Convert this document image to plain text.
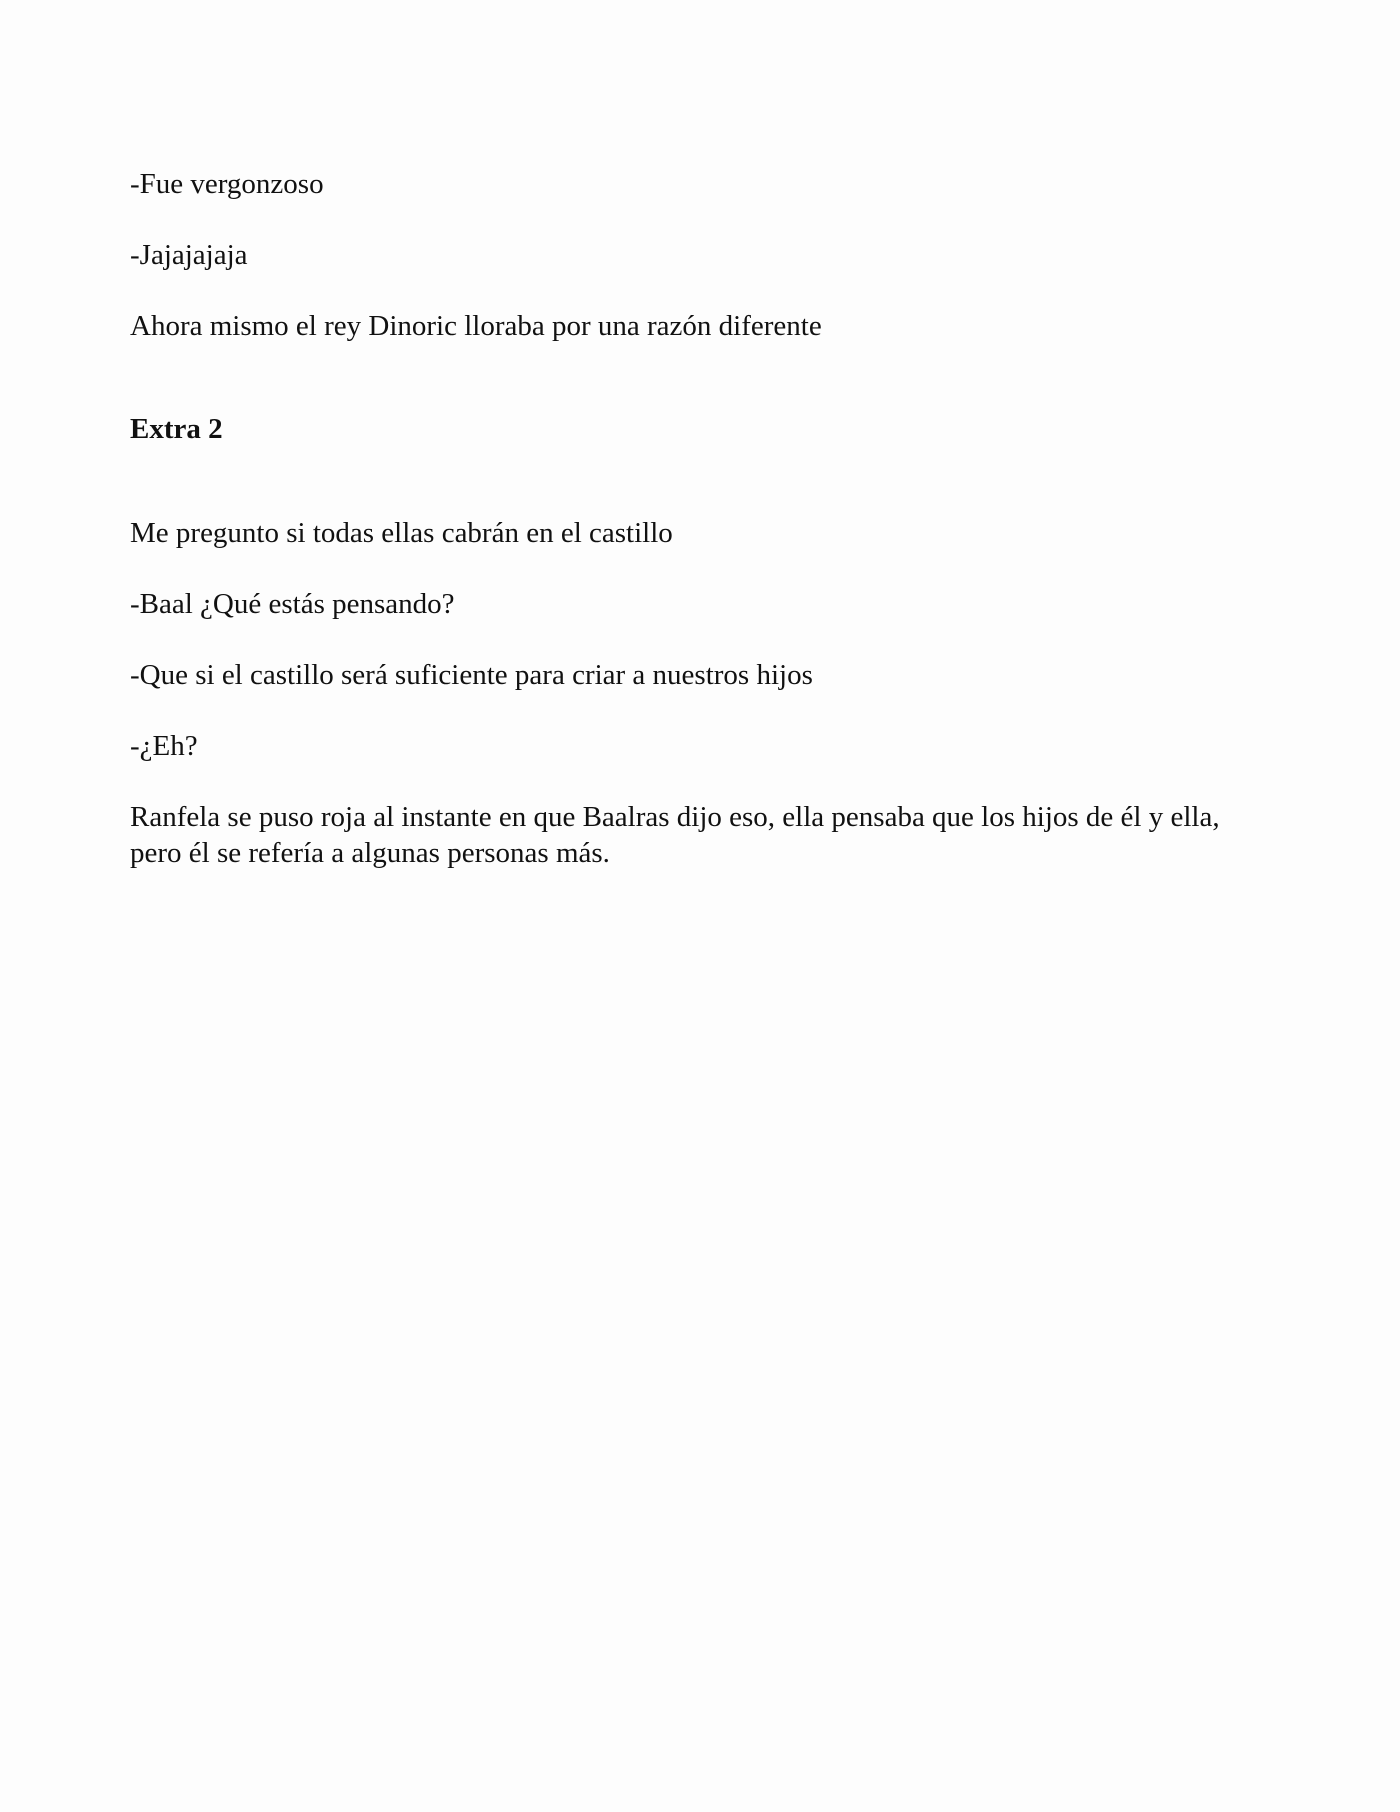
-Fue vergonzoso

-Jajajajaja

Ahora mismo el rey Dinoric lloraba por una razón diferente

Extra 2

Me pregunto si todas ellas cabrán en el castillo

-Baal ¿Qué estás pensando?

-Que si el castillo será suficiente para criar a nuestros hijos

-¿Eh?

Ranfela se puso roja al instante en que Baalras dijo eso, ella pensaba que los hijos de él y ella, pero él se refería a algunas personas más.
